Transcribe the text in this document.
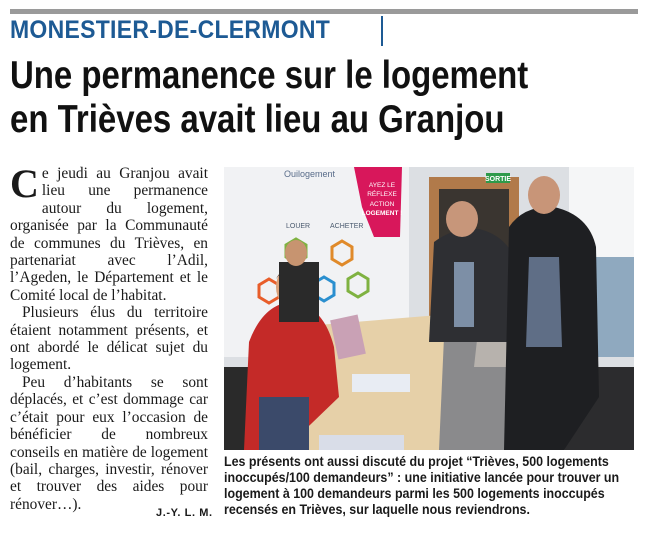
MONESTIER-DE-CLERMONT
Une permanence sur le logement
en Trièves avait lieu au Granjou

Ce jeudi au Granjou avait lieu une permanence autour du logement, organisée par la Communauté de communes du Trièves, en partenariat avec l’Adil, l’Ageden, le Département et le Comité local de l’habitat.

Plusieurs élus du territoire étaient notamment présents, et ont abordé le délicat sujet du logement.

Peu d’habitants se sont déplacés, et c’est dommage car c’était pour eux l’occasion de bénéficier de nombreux conseils en matière de logement (bail, charges, investir, rénover et trouver des aides pour rénover…).

J.-Y. L. M.
Ouilogement
AYEZ LE
RÉFLEXE
ACTION
LOGEMENT !
LOUER	ACHETER
SORTIE
Les présents ont aussi discuté du projet “Trièves, 500 logements
inoccupés/100 demandeurs” : une initiative lancée pour trouver un
logement à 100 demandeurs parmi les 500 logements inoccupés
recensés en Trièves, sur laquelle nous reviendrons.
